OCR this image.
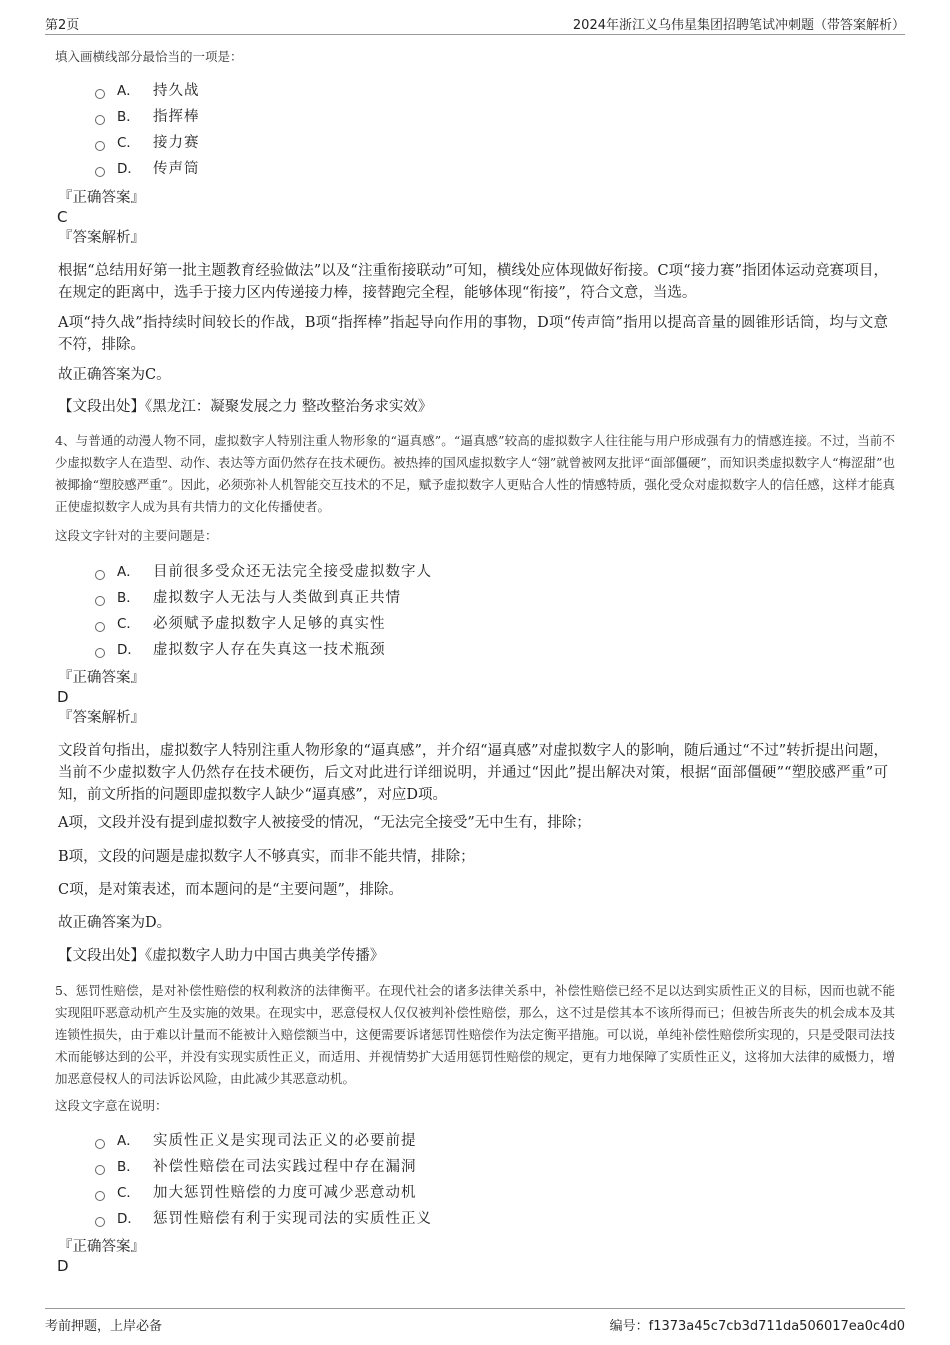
第2页	2024年浙江义乌伟星集团招聘笔试冲刺题（带答案解析）
填入画横线部分最恰当的一项是：
A． 持久战
B． 指挥棒
C． 接力赛
D． 传声筒
『正确答案』
C
『答案解析』
根据“总结用好第一批主题教育经验做法”以及“注重衔接联动”可知，横线处应体现做好衔接。C项“接力赛”指团体运动竞赛项目，在规定的距离中，选手于接力区内传递接力棒，接替跑完全程，能够体现“衔接”，符合文意，当选。
A项“持久战”指持续时间较长的作战，B项“指挥棒”指起导向作用的事物，D项“传声筒”指用以提高音量的圆锥形话筒，均与文意不符，排除。
故正确答案为C。
【文段出处】《黑龙江：凝聚发展之力 整改整治务求实效》
4、与普通的动漫人物不同，虚拟数字人特别注重人物形象的“逼真感”。“逼真感”较高的虚拟数字人往往能与用户形成强有力的情感连接。不过，当前不少虚拟数字人在造型、动作、表达等方面仍然存在技术硬伤。被热捧的国风虚拟数字人“翎”就曾被网友批评“面部僵硬”，而知识类虚拟数字人“梅涩甜”也被揶揄“塑胶感严重”。因此，必须弥补人机智能交互技术的不足，赋予虚拟数字人更贴合人性的情感特质，强化受众对虚拟数字人的信任感，这样才能真正使虚拟数字人成为具有共情力的文化传播使者。
这段文字针对的主要问题是：
A． 目前很多受众还无法完全接受虚拟数字人
B． 虚拟数字人无法与人类做到真正共情
C． 必须赋予虚拟数字人足够的真实性
D． 虚拟数字人存在失真这一技术瓶颈
『正确答案』
D
『答案解析』
文段首句指出，虚拟数字人特别注重人物形象的“逼真感”，并介绍“逼真感”对虚拟数字人的影响，随后通过“不过”转折提出问题，当前不少虚拟数字人仍然存在技术硬伤，后文对此进行详细说明，并通过“因此”提出解决对策，根据“面部僵硬”“塑胶感严重”可知，前文所指的问题即虚拟数字人缺少“逼真感”，对应D项。
A项，文段并没有提到虚拟数字人被接受的情况，“无法完全接受”无中生有，排除；
B项，文段的问题是虚拟数字人不够真实，而非不能共情，排除；
C项，是对策表述，而本题问的是“主要问题”，排除。
故正确答案为D。
【文段出处】《虚拟数字人助力中国古典美学传播》
5、惩罚性赔偿，是对补偿性赔偿的权利救济的法律衡平。在现代社会的诸多法律关系中，补偿性赔偿已经不足以达到实质性正义的目标，因而也就不能实现阻吓恶意动机产生及实施的效果。在现实中，恶意侵权人仅仅被判补偿性赔偿，那么，这不过是偿其本不该所得而已；但被告所丧失的机会成本及其连锁性损失，由于难以计量而不能被计入赔偿额当中，这便需要诉诸惩罚性赔偿作为法定衡平措施。可以说，单纯补偿性赔偿所实现的，只是受限司法技术而能够达到的公平，并没有实现实质性正义，而适用、并视情势扩大适用惩罚性赔偿的规定，更有力地保障了实质性正义，这将加大法律的威慑力，增加恶意侵权人的司法诉讼风险，由此减少其恶意动机。
这段文字意在说明：
A． 实质性正义是实现司法正义的必要前提
B． 补偿性赔偿在司法实践过程中存在漏洞
C． 加大惩罚性赔偿的力度可减少恶意动机
D． 惩罚性赔偿有利于实现司法的实质性正义
『正确答案』
D
考前押题，上岸必备	编号：f1373a45c7cb3d711da506017ea0c4d0
